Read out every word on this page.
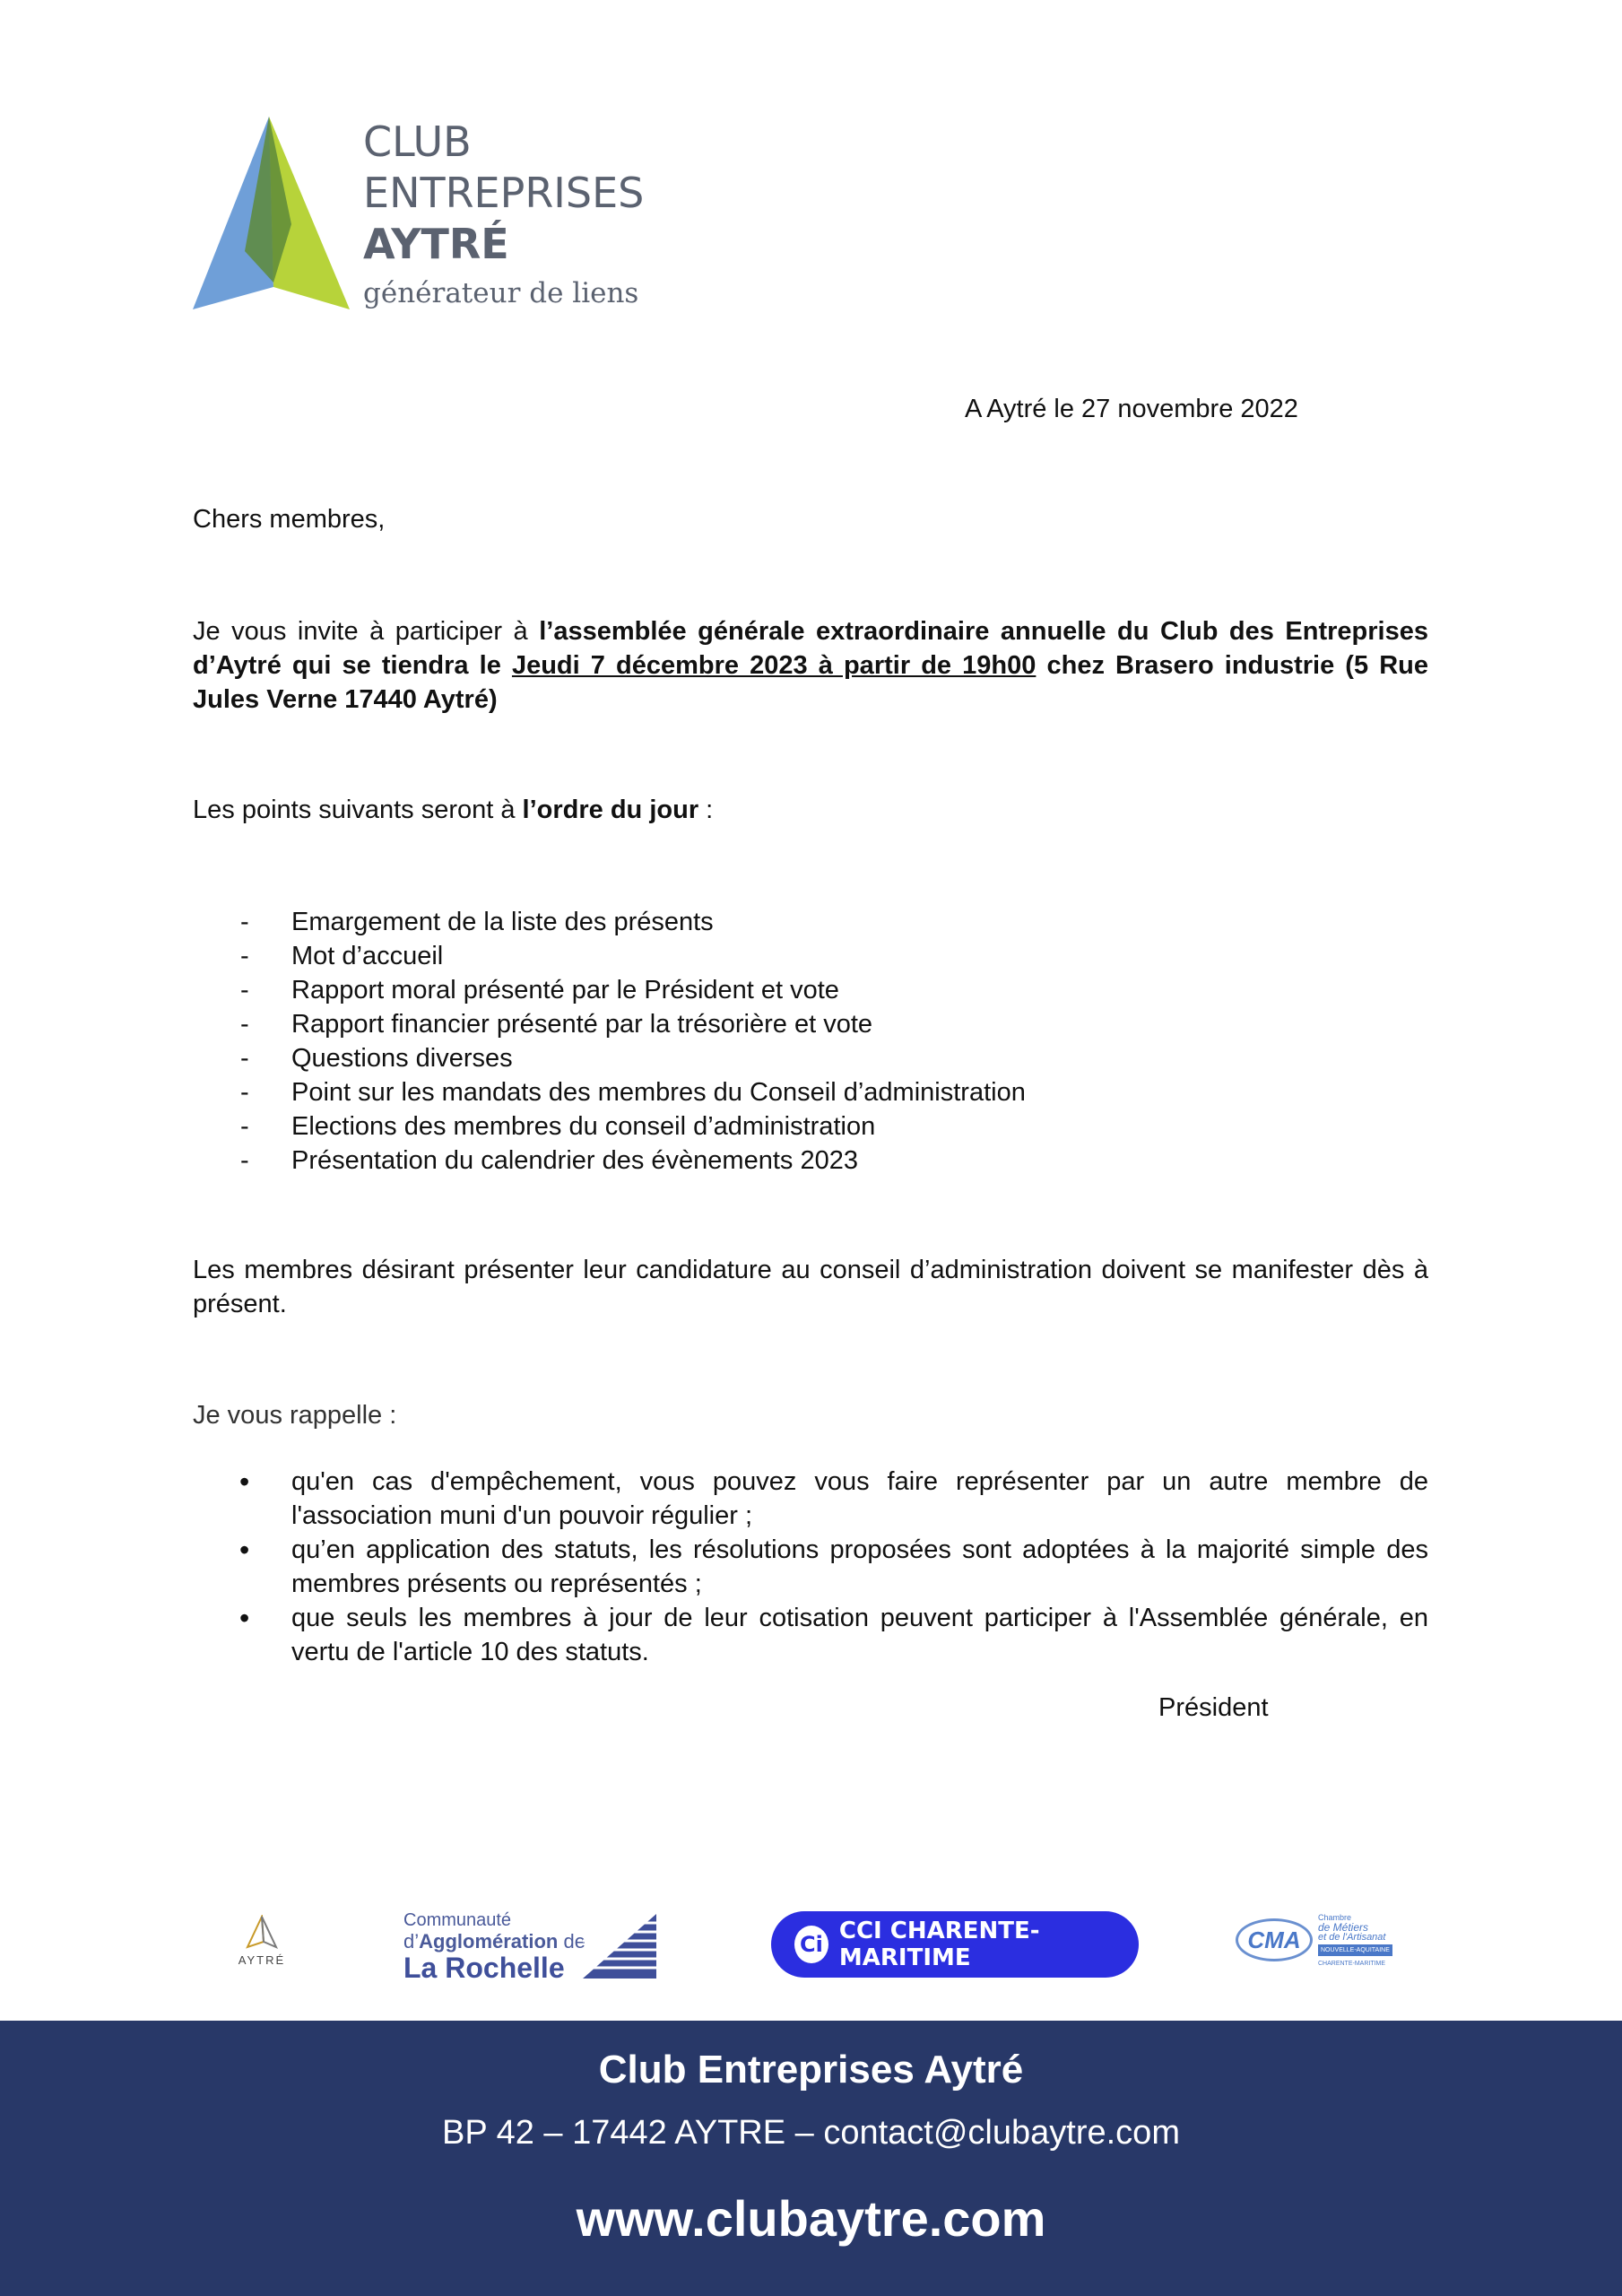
CLUB
ENTREPRISES
AYTRÉ
générateur de liens
A Aytré le 27 novembre 2022
Chers membres,
Je vous invite à participer à l’assemblée générale extraordinaire annuelle du Club des Entreprises d’Aytré qui se tiendra le Jeudi 7 décembre 2023 à partir de 19h00 chez Brasero industrie (5 Rue Jules Verne 17440 Aytré)
Les points suivants seront à l’ordre du jour :
- Emargement de la liste des présents
- Mot d’accueil
- Rapport moral présenté par le Président et vote
- Rapport financier présenté par la trésorière et vote
- Questions diverses
- Point sur les mandats des membres du Conseil d’administration
- Elections des membres du conseil d’administration
- Présentation du calendrier des évènements 2023
Les membres désirant présenter leur candidature au conseil d’administration doivent se manifester dès à présent.
Je vous rappelle :
• qu'en cas d'empêchement, vous pouvez vous faire représenter par un autre membre de l'association muni d'un pouvoir régulier ;
• qu’en application des statuts, les résolutions proposées sont adoptées à la majorité simple des membres présents ou représentés ;
• que seuls les membres à jour de leur cotisation peuvent participer à l'Assemblée générale, en vertu de l'article 10 des statuts.
Président
AYTRÉ
Communauté
d’Agglomération de
La Rochelle
Ci CCI CHARENTE-MARITIME
CMA
Chambre
de Métiers
et de l'Artisanat
NOUVELLE-AQUITAINE
CHARENTE-MARITIME
Club Entreprises Aytré
BP 42 – 17442 AYTRE – contact@clubaytre.com
www.clubaytre.com
